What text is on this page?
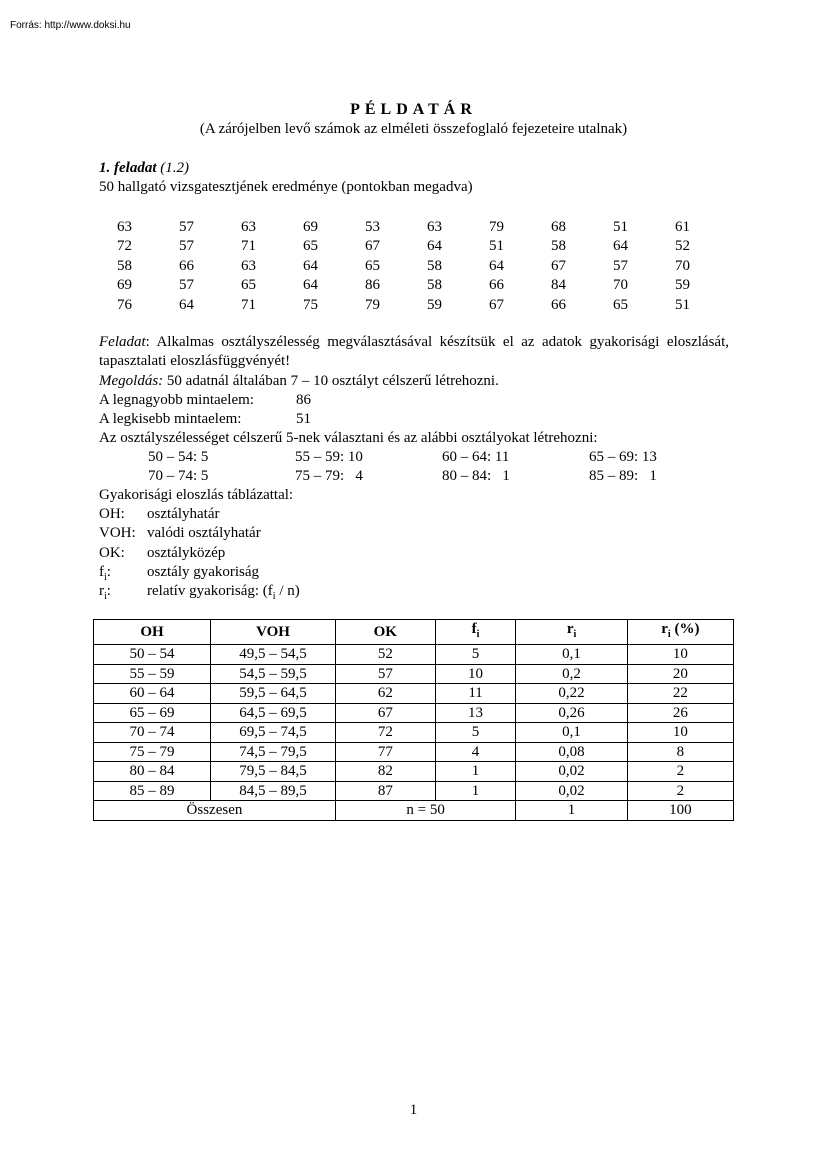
Forrás: http://www.doksi.hu
PÉLDATÁR
(A zárójelben levő számok az elméleti összefoglaló fejezeteire utalnak)
1. feladat (1.2)
50 hallgató vizsgatesztjének eredménye (pontokban megadva)
63	57	63	69	53	63	79	68	51	61
72	57	71	65	67	64	51	58	64	52
58	66	63	64	65	58	64	67	57	70
69	57	65	64	86	58	66	84	70	59
76	64	71	75	79	59	67	66	65	51
Feladat: Alkalmas osztályszélesség megválasztásával készítsük el az adatok gyakorisági eloszlását, tapasztalati eloszlásfüggvényét!
Megoldás: 50 adatnál általában 7 – 10 osztályt célszerű létrehozni.
A legnagyobb mintaelem:	86
A legkisebb mintaelem:	51
Az osztályszélességet célszerű 5-nek választani és az alábbi osztályokat létrehozni:
50 – 54: 5	55 – 59: 10	60 – 64: 11	65 – 69: 13
70 – 74: 5	75 – 79:   4	80 – 84:   1	85 – 89:   1
Gyakorisági eloszlás táblázattal:
OH:	osztályhatár
VOH: valódi osztályhatár
OK:	osztályközép
$f_i$:	osztály gyakoriság
$r_i$:	relatív gyakoriság: $(f_i / n)$
OH	VOH	OK	$f_i$	$r_i$	$r_i$ (%)
50 – 54	49,5 – 54,5	52	5	0,1	10
55 – 59	54,5 – 59,5	57	10	0,2	20
60 – 64	59,5 – 64,5	62	11	0,22	22
65 – 69	64,5 – 69,5	67	13	0,26	26
70 – 74	69,5 – 74,5	72	5	0,1	10
75 – 79	74,5 – 79,5	77	4	0,08	8
80 – 84	79,5 – 84,5	82	1	0,02	2
85 – 89	84,5 – 89,5	87	1	0,02	2
Összesen		n = 50		1	100
1
